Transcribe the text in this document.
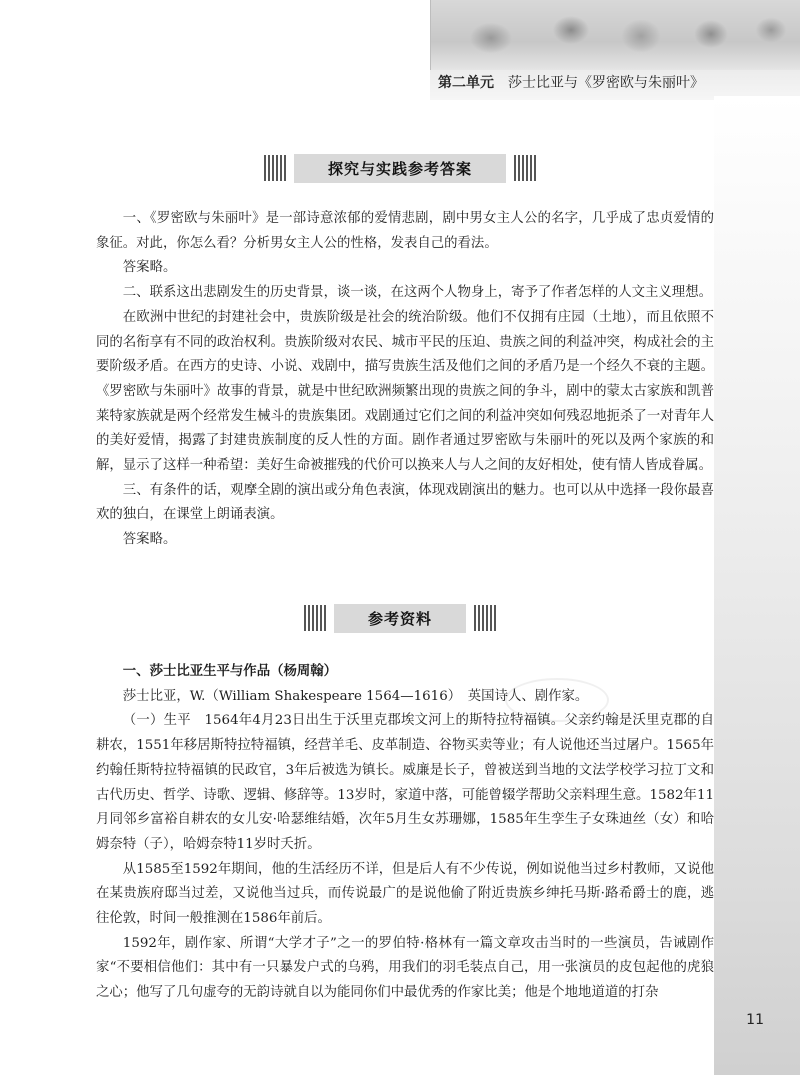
第二单元 莎士比亚与《罗密欧与朱丽叶》
11
探究与实践参考答案

一、《罗密欧与朱丽叶》是一部诗意浓郁的爱情悲剧，剧中男女主人公的名字，几乎成了忠贞爱情的象征。对此，你怎么看？分析男女主人公的性格，发表自己的看法。

答案略。

二、联系这出悲剧发生的历史背景，谈一谈，在这两个人物身上，寄予了作者怎样的人文主义理想。

在欧洲中世纪的封建社会中，贵族阶级是社会的统治阶级。他们不仅拥有庄园（土地），而且依照不同的名衔享有不同的政治权利。贵族阶级对农民、城市平民的压迫、贵族之间的利益冲突，构成社会的主要阶级矛盾。在西方的史诗、小说、戏剧中，描写贵族生活及他们之间的矛盾乃是一个经久不衰的主题。《罗密欧与朱丽叶》故事的背景，就是中世纪欧洲频繁出现的贵族之间的争斗，剧中的蒙太古家族和凯普莱特家族就是两个经常发生械斗的贵族集团。戏剧通过它们之间的利益冲突如何残忍地扼杀了一对青年人的美好爱情，揭露了封建贵族制度的反人性的方面。剧作者通过罗密欧与朱丽叶的死以及两个家族的和解，显示了这样一种希望：美好生命被摧残的代价可以换来人与人之间的友好相处，使有情人皆成眷属。

三、有条件的话，观摩全剧的演出或分角色表演，体现戏剧演出的魅力。也可以从中选择一段你最喜欢的独白，在课堂上朗诵表演。

答案略。

参考资料

一、莎士比亚生平与作品（杨周翰）

莎士比亚，W.（William Shakespeare 1564—1616）　英国诗人、剧作家。

（一）生平　1564年4月23日出生于沃里克郡埃文河上的斯特拉特福镇。父亲约翰是沃里克郡的自耕农，1551年移居斯特拉特福镇，经营羊毛、皮革制造、谷物买卖等业；有人说他还当过屠户。1565年约翰任斯特拉特福镇的民政官，3年后被选为镇长。威廉是长子，曾被送到当地的文法学校学习拉丁文和古代历史、哲学、诗歌、逻辑、修辞等。13岁时，家道中落，可能曾辍学帮助父亲料理生意。1582年11月同邻乡富裕自耕农的女儿安·哈瑟维结婚，次年5月生女苏珊娜，1585年生孪生子女珠迪丝（女）和哈姆奈特（子），哈姆奈特11岁时夭折。

从1585至1592年期间，他的生活经历不详，但是后人有不少传说，例如说他当过乡村教师，又说他在某贵族府邸当过差，又说他当过兵，而传说最广的是说他偷了附近贵族乡绅托马斯·路希爵士的鹿，逃往伦敦，时间一般推测在1586年前后。

1592年，剧作家、所谓“大学才子”之一的罗伯特·格林有一篇文章攻击当时的一些演员，告诫剧作家“不要相信他们：其中有一只暴发户式的乌鸦，用我们的羽毛装点自己，用一张演员的皮包起他的虎狼之心；他写了几句虚夸的无韵诗就自以为能同你们中最优秀的作家比美；他是个地地道道的打杂
